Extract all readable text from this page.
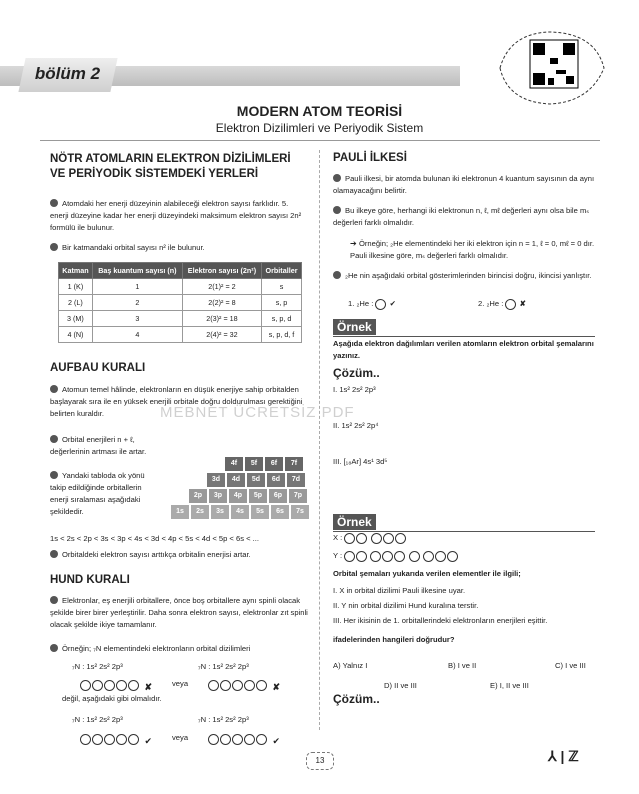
bölüm 2
MODERN ATOM TEORİSİ
Elektron Dizilimleri ve Periyodik Sistem
NÖTR ATOMLARIN ELEKTRON DİZİLİMLERİ VE PERİYODİK SİSTEMDEKİ YERLERİ
Atomdaki her enerji düzeyinin alabileceği elektron sayısı farklıdır. 5. enerji düzeyine kadar her enerji düzeyindeki maksimum elektron sayısı 2n² formülü ile bulunur.
Bir katmandaki orbital sayısı n² ile bulunur.
Katman	Baş kuantum sayısı (n)	Elektron sayısı (2n²)	Orbitaller
1 (K)	1	2(1)² = 2	s
2 (L)	2	2(2)² = 8	s, p
3 (M)	3	2(3)² = 18	s, p, d
4 (N)	4	2(4)² = 32	s, p, d, f
AUFBAU KURALI
Atomun temel hâlinde, elektronların en düşük enerjiye sahip orbitalden başlayarak sıra ile en yüksek enerjili orbitale doğru doldurulması gerektiğini belirten kuraldır.
Orbital enerjileri n + ℓ, değerlerinin artması ile artar.
Yandaki tabloda ok yönü takip edildiğinde orbitallerin enerji sıralaması aşağıdaki şekildedir.
4f 5f 6f 7f
3d 4d 5d 6d 7d
2p 3p 4p 5p 6p 7p
1s 2s 3s 4s 5s 6s 7s
1s < 2s < 2p < 3s < 3p < 4s < 3d < 4p < 5s < 4d < 5p < 6s < ...
Orbitaldeki elektron sayısı arttıkça orbitalin enerjisi artar.
HUND KURALI
Elektronlar, eş enerjili orbitallere, önce boş orbitallere aynı spinli olacak şekilde birer birer yerleştirilir. Daha sonra elektron sayısı, elektronlar zıt spinli olacak şekilde ikiye tamamlanır.
Örneğin; ₇N elementindeki elektronların orbital dizilimleri
₇N : 1s² 2s² 2p³	₇N : 1s² 2s² 2p³
✘	veya	✘
değil, aşağıdaki gibi olmalıdır.
₇N : 1s² 2s² 2p³	₇N : 1s² 2s² 2p³
✔	veya	✔
PAULİ İLKESİ
Pauli ilkesi, bir atomda bulunan iki elektronun 4 kuantum sayısının da aynı olamayacağını belirtir.
Bu ilkeye göre, herhangi iki elektronun n, ℓ, mℓ değerleri aynı olsa bile mₛ değerleri farklı olmalıdır.
➔ Örneğin; ₂He elementindeki her iki elektron için n = 1, ℓ = 0, mℓ = 0 dır. Pauli ilkesine göre, mₛ değerleri farklı olmalıdır.
₂He nin aşağıdaki orbital gösterimlerinden birincisi doğru, ikincisi yanlıştır.
1. ₂He :  ✔	2. ₂He : ✘
Örnek
Aşağıda elektron dağılımları verilen atomların elektron orbital şemalarını yazınız.
Çözüm..
I. 1s² 2s² 2p³
II. 1s² 2s² 2p⁴
III. [₁₈Ar] 4s¹ 3d⁵
Örnek
X :
Y :
Orbital şemaları yukarıda verilen elementler ile ilgili;
I. X in orbital dizilimi Pauli ilkesine uyar.
II. Y nin orbital dizilimi Hund kuralına terstir.
III. Her ikisinin de 1. orbitallerindeki elektronların enerjileri eşittir.
ifadelerinden hangileri doğrudur?
A) Yalnız I	B) I ve II	C) I ve III
D) II ve III	E) I, II ve III
Çözüm..
MEBNET ÜCRETSİZ PDF
13	⅄ | ℤ
